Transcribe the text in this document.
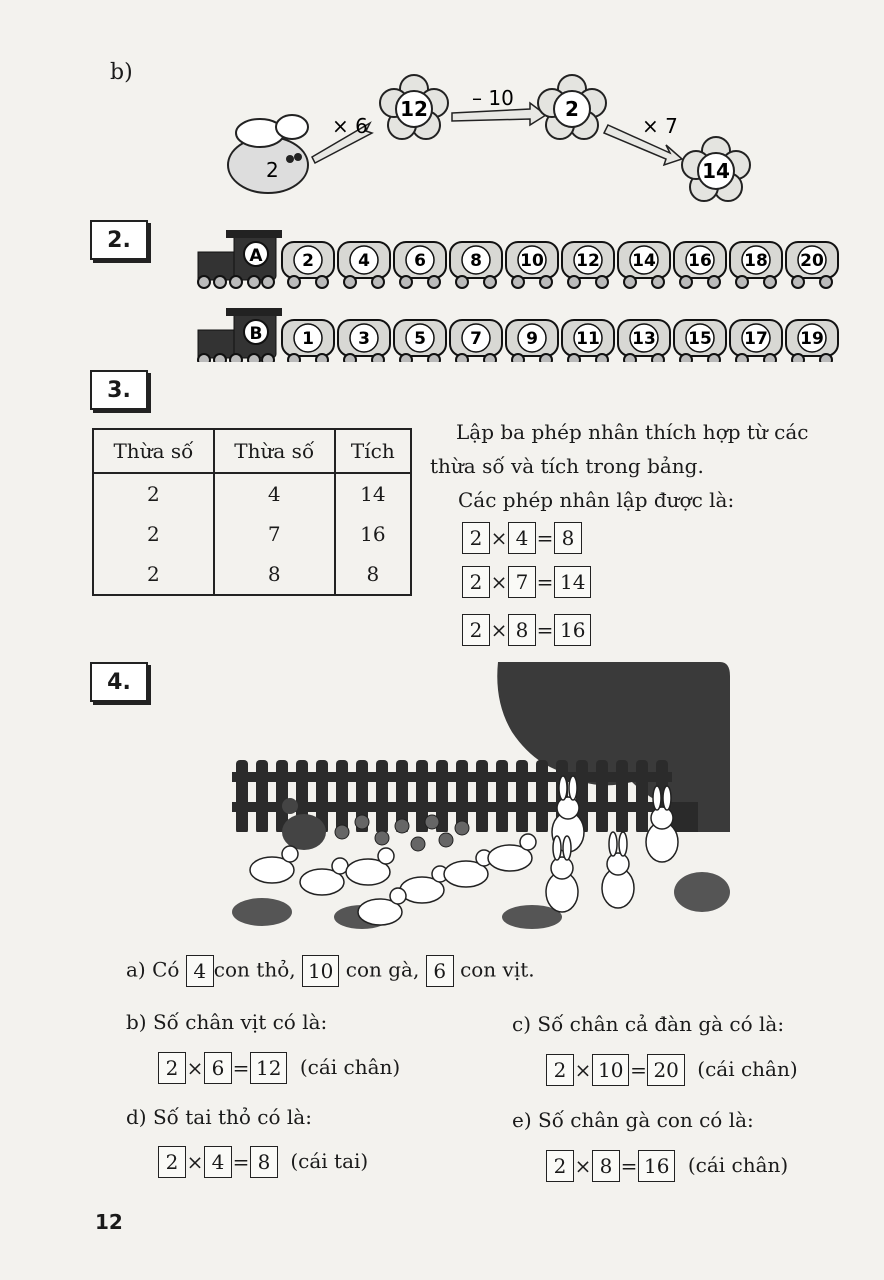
b)
2
× 6
12 – 10	2
× 7
14
2.
A 2	4	6	8 10 12 14 16 18 20
B 1	3	5	7	9 11 13 15 17 19
3.
Thừa số	Thừa số	Tích
2	4	14
2	7	16
2	8	8
Lập ba phép nhân thích hợp từ các
thừa số và tích trong bảng.
Các phép nhân lập được là:
2 × 4 = 8
2 × 7 = 14
2 × 8 = 16
4.
a) Có 4 con thỏ, 10 con gà, 6 con vịt.
b) Số chân vịt có là:
2 × 6 = 12 (cái chân)
c) Số chân cả đàn gà có là:
2 × 10 = 20 (cái chân)
d) Số tai thỏ có là:
2 × 4 = 8 (cái tai)
e) Số chân gà con có là:
2 × 8 = 16 (cái chân)
12
